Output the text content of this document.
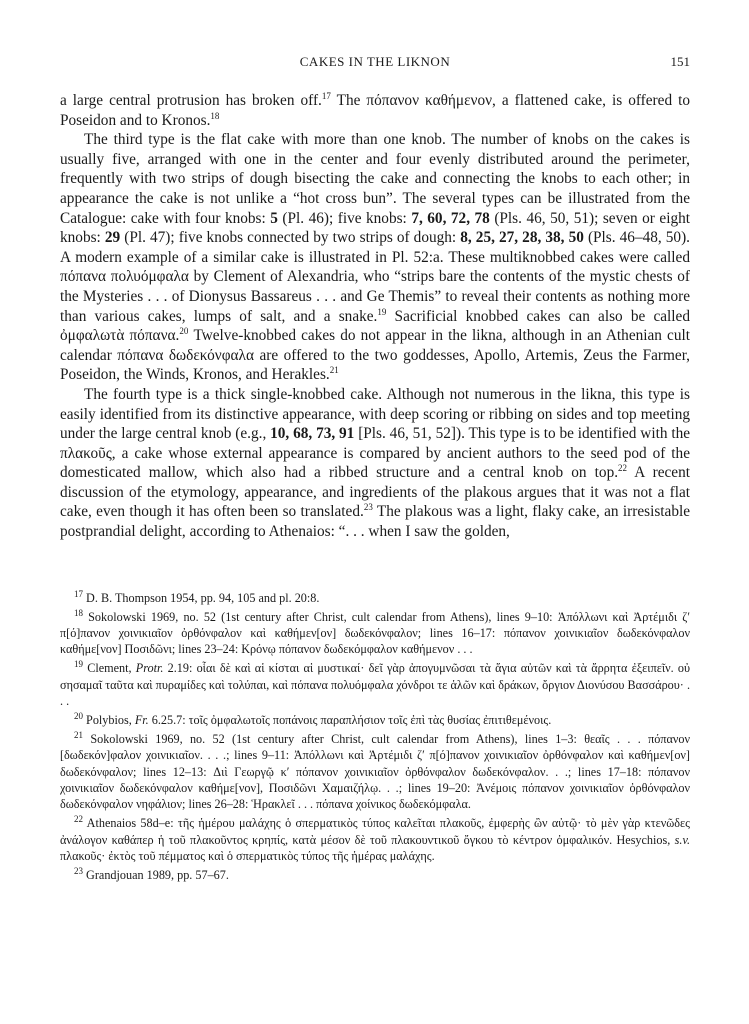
CAKES IN THE LIKNON	151

a large central protrusion has broken off.$^{17}$ The πόπανον καθήμενον, a flattened cake, is offered to Poseidon and to Kronos.$^{18}$

The third type is the flat cake with more than one knob. The number of knobs on the cakes is usually five, arranged with one in the center and four evenly distributed around the perimeter, frequently with two strips of dough bisecting the cake and connecting the knobs to each other; in appearance the cake is not unlike a “hot cross bun”. The several types can be illustrated from the Catalogue: cake with four knobs: 5 (Pl. 46); five knobs: 7, 60, 72, 78 (Pls. 46, 50, 51); seven or eight knobs: 29 (Pl. 47); five knobs connected by two strips of dough: 8, 25, 27, 28, 38, 50 (Pls. 46–48, 50). A modern example of a similar cake is illustrated in Pl. 52:a. These multiknobbed cakes were called πόπανα πολυόμφαλα by Clement of Alexandria, who “strips bare the contents of the mystic chests of the Mysteries . . . of Dionysus Bassareus . . . and Ge Themis” to reveal their contents as nothing more than various cakes, lumps of salt, and a snake.$^{19}$ Sacrificial knobbed cakes can also be called ὀμφαλωτὰ πόπανα.$^{20}$ Twelve-knobbed cakes do not appear in the likna, although in an Athenian cult calendar πόπανα δωδεκόνφαλα are offered to the two goddesses, Apollo, Artemis, Zeus the Farmer, Poseidon, the Winds, Kronos, and Herakles.$^{21}$

The fourth type is a thick single-knobbed cake. Although not numerous in the likna, this type is easily identified from its distinctive appearance, with deep scoring or ribbing on sides and top meeting under the large central knob (e.g., 10, 68, 73, 91 [Pls. 46, 51, 52]). This type is to be identified with the πλακοῦς, a cake whose external appearance is compared by ancient authors to the seed pod of the domesticated mallow, which also had a ribbed structure and a central knob on top.$^{22}$ A recent discussion of the etymology, appearance, and ingredients of the plakous argues that it was not a flat cake, even though it has often been so translated.$^{23}$ The plakous was a light, flaky cake, an irresistable postprandial delight, according to Athenaios: “. . . when I saw the golden,

$^{17}$ D. B. Thompson 1954, pp. 94, 105 and pl. 20:8.

$^{18}$ Sokolowski 1969, no. 52 (1st century after Christ, cult calendar from Athens), lines 9–10: Ἀπόλλωνι καὶ Ἀρτέμιδι ζʹ π[ό]πανον χοινικιαῖον ὀρθόνφαλον καὶ καθήμεν[ον] δωδεκόνφαλον; lines 16–17: πόπανον χοινικιαῖον δωδεκόνφαλον καθήμε[νον] Ποσιδῶνι; lines 23–24: Κρόνῳ πόπανον δωδεκόμφαλον καθήμενον . . .

$^{19}$ Clement, Protr. 2.19: οἷαι δὲ καὶ αἱ κίσται αἱ μυστικαί· δεῖ γὰρ ἀπογυμνῶσαι τὰ ἅγια αὐτῶν καὶ τὰ ἄρρητα ἐξειπεῖν. οὐ σησαμαῖ ταῦτα καὶ πυραμίδες καὶ τολύπαι, καὶ πόπανα πολυόμφαλα χόνδροι τε ἁλῶν καὶ δράκων, ὄργιον Διονύσου Βασσάρου· . . .

$^{20}$ Polybios, Fr. 6.25.7: τοῖς ὀμφαλωτοῖς ποπάνοις παραπλήσιον τοῖς ἐπὶ τὰς θυσίας ἐπιτιθεμένοις.

$^{21}$ Sokolowski 1969, no. 52 (1st century after Christ, cult calendar from Athens), lines 1–3: θεαῖς . . . πόπανον [δωδεκόν]φαλον χοινικιαῖον. . . .; lines 9–11: Ἀπόλλωνι καὶ Ἀρτέμιδι ζʹ π[ό]πανον χοινικιαῖον ὀρθόνφαλον καὶ καθήμεν[ον] δωδεκόνφαλον; lines 12–13: Διὶ Γεωργῷ κʹ πόπανον χοινικιαῖον ὀρθόνφαλον δωδεκόνφαλον. . .; lines 17–18: πόπανον χοινικιαῖον δωδεκόνφαλον καθήμε[νον], Ποσιδῶνι Χαμαιζήλῳ. . .; lines 19–20: Ἀνέμοις πόπανον χοινικιαῖον ὀρθόνφαλον δωδεκόνφαλον νηφάλιον; lines 26–28: Ἡρακλεῖ . . . πόπανα χοίνικος δωδεκόμφαλα.

$^{22}$ Athenaios 58d–e: τῆς ἡμέρου μαλάχης ὁ σπερματικὸς τύπος καλεῖται πλακοῦς, ἐμφερὴς ὢν αὐτῷ· τὸ μὲν γὰρ κτενῶδες ἀνάλογον καθάπερ ἡ τοῦ πλακοῦντος κρηπίς, κατὰ μέσον δὲ τοῦ πλακουντικοῦ ὄγκου τὸ κέντρον ὀμφαλικόν. Hesychios, s.v. πλακοῦς· ἐκτὸς τοῦ πέμματος καὶ ὁ σπερματικὸς τύπος τῆς ἡμέρας μαλάχης.

$^{23}$ Grandjouan 1989, pp. 57–67.
